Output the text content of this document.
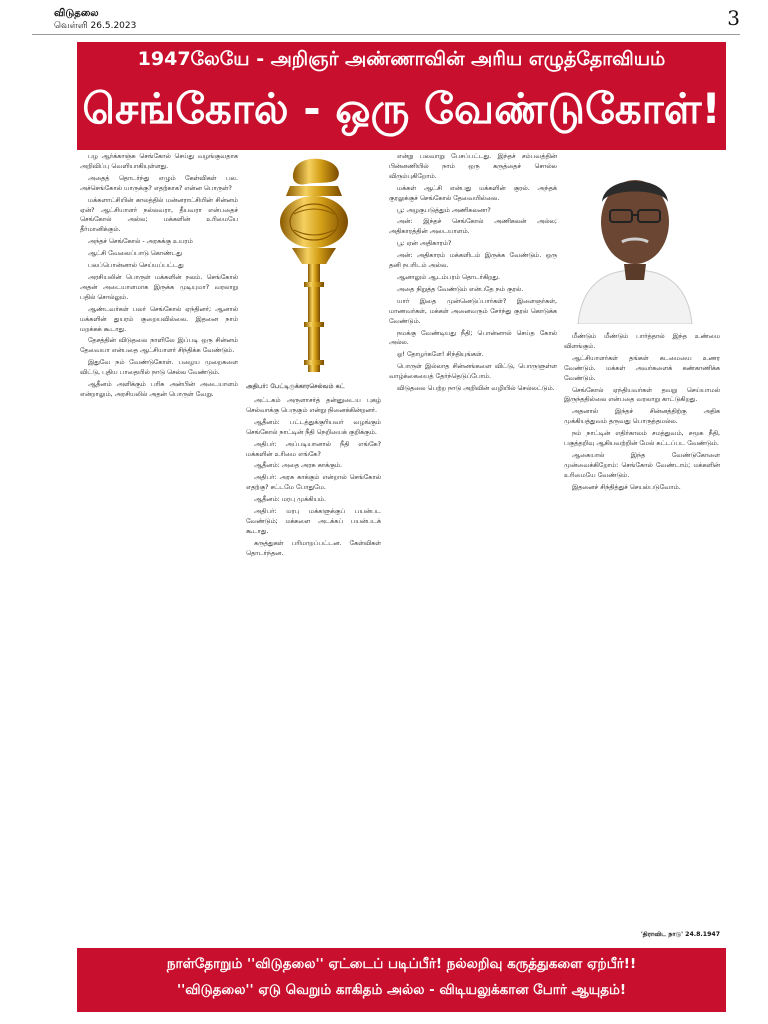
விடுதலை
வெள்ளி 26.5.2023	3
1947லேயே - அறிஞர் அண்ணாவின் அரிய எழுத்தோவியம்
செங்கோல் - ஒரு வேண்டுகோள்!

பழ ஆர்க்காஞ்சு செங்கோல் செய்து வழங்குவதாக அறிவிப்பு வெளியாகியுள்ளது.

அதைத் தொடர்ந்து எழும் கேள்விகள் பல. அச்செங்கோல் யாருக்கு? எதற்காக? என்ன பொருள்?

மக்களாட்சியின் காலத்தில் மன்னராட்சியின் சின்னம் ஏன்? ஆட்சியாளர் நல்லவரா, தீயவரா என்பதைச் செங்கோல் அல்ல; மக்களின் உரிமையே தீர்மானிக்கும்.

அந்தச் செங்கோல் - அரசுக்கு உயரம்

ஆட்சி வேலைப்பாடு கொண்டது

பலப்பொன்னால் செய்யப்பட்டது

அரசியலின் பொருள் மக்களின் நலம். செங்கோல் அதன் அடையாளமாக இருக்க முடியுமா? வரலாறு பதில் சொல்லும்.

ஆண்டவர்கள் பலர் செங்கோல் ஏந்தினர்; ஆனால் மக்களின் துயரம் குறையவில்லை. இதனை நாம் மறக்கக் கூடாது.

தேசத்தின் விடுதலை நாளிலே இப்படி ஒரு சின்னம் தேவையா என்பதை ஆட்சியாளர் சிந்திக்க வேண்டும்.

இதுவே நம் வேண்டுகோள். பழைய முறைகளை விட்டு, புதிய பாதையில் நாடு செல்ல வேண்டும்.

ஆதீனம் அளிக்கும் பரிசு அன்பின் அடையாளம் என்றாலும், அரசியலில் அதன் பொருள் வேறு.

அதிபர்: பேட்டிருக்காரசெல்வம் கட்

அட்டகம் அருளாசர்த் தன்னுடைய புகழ் செல்வாக்கு பெருகும் என்று நினைக்கின்றனர்.

ஆதீனம்: பட்டத்துக்குரியவர் வழங்கும் செங்கோல் நாட்டின் நீதி நெறியைக் குறிக்கும்.

அதிபர்: அப்படியானால் நீதி எங்கே? மக்களின் உரிமை எங்கே?

ஆதீனம்: அதை அரசு காக்கும்.

அதிபர்: அரசு காக்கும் என்றால் செங்கோல் எதற்கு? சட்டமே போதுமே.

ஆதீனம்: மரபு முக்கியம்.

அதிபர்: மரபு மக்களுக்குப் பயன்பட வேண்டும்; மக்களை அடக்கப் பயன்படக் கூடாது.

கருத்துகள் பரிமாறப்பட்டன. கேள்விகள் தொடர்ந்தன.

என்று பலவாறு பேசப்பட்டது. இந்தச் சம்பவத்தின் பின்னணியில் நாம் ஒரு கருத்தைச் சொல்ல விரும்புகிறோம்.

மக்கள் ஆட்சி என்பது மக்களின் குரல். அந்தக் குரலுக்குச் செங்கோல் தேவையில்லை.

பூ: அழகுபடுத்தும் அணிகலனா?

அன்: இந்தச் செங்கோல் அணிகலன் அல்ல; அதிகாரத்தின் அடையாளம்.

பூ: ஏன் அதிகாரம்?

அன்: அதிகாரம் மக்களிடம் இருக்க வேண்டும். ஒரு தனி நபரிடம் அல்ல.

ஆனாலும் ஆடம்பரம் தொடர்கிறது.

அதை நிறுத்த வேண்டும் என்பதே நம் குரல்.

யார் இதை முன்னெடுப்பார்கள்? இளைஞர்கள், மாணவர்கள், மக்கள் அனைவரும் சேர்ந்து குரல் கொடுக்க வேண்டும்.

நமக்கு வேண்டியது நீதி; பொன்னால் செய்த கோல் அல்ல.

ஓ! தோழர்களே! சிந்தியுங்கள்.

பொருள் இல்லாத சின்னங்களை விட்டு, பொருளுள்ள வாழ்க்கையைத் தேர்ந்தெடுப்போம்.

விடுதலை பெற்ற நாடு அறிவின் வழியில் செல்லட்டும்.

மீண்டும் மீண்டும் பார்த்தால் இந்த உண்மை விளங்கும்.

ஆட்சியாளர்கள் தங்கள் கடமையை உணர வேண்டும். மக்கள் அவர்களைக் கண்காணிக்க வேண்டும்.

செங்கோல் ஏந்தியவர்கள் தவறு செய்யாமல் இருந்ததில்லை என்பதை வரலாறு காட்டுகிறது.

அதனால் இந்தச் சின்னத்திற்கு அதிக முக்கியத்துவம் தருவது பொருத்தமல்ல.

நம் நாட்டின் எதிர்காலம் சமத்துவம், சமூக நீதி, பகுத்தறிவு ஆகியவற்றின் மேல் கட்டப்பட வேண்டும்.

ஆகையால் இந்த வேண்டுகோளை முன்வைக்கிறோம்: செங்கோல் வேண்டாம்; மக்களின் உரிமையே வேண்டும்.

இதனைச் சிந்தித்துச் செயல்படுவோம்.

'திராவிட நாடு' 24.8.1947
நாள்தோறும் ''விடுதலை'' ஏட்டைப் படிப்பீர்! நல்லறிவு கருத்துகளை ஏற்பீர்!!
''விடுதலை'' ஏடு வெறும் காகிதம் அல்ல - விடியலுக்கான போர் ஆயுதம்!
